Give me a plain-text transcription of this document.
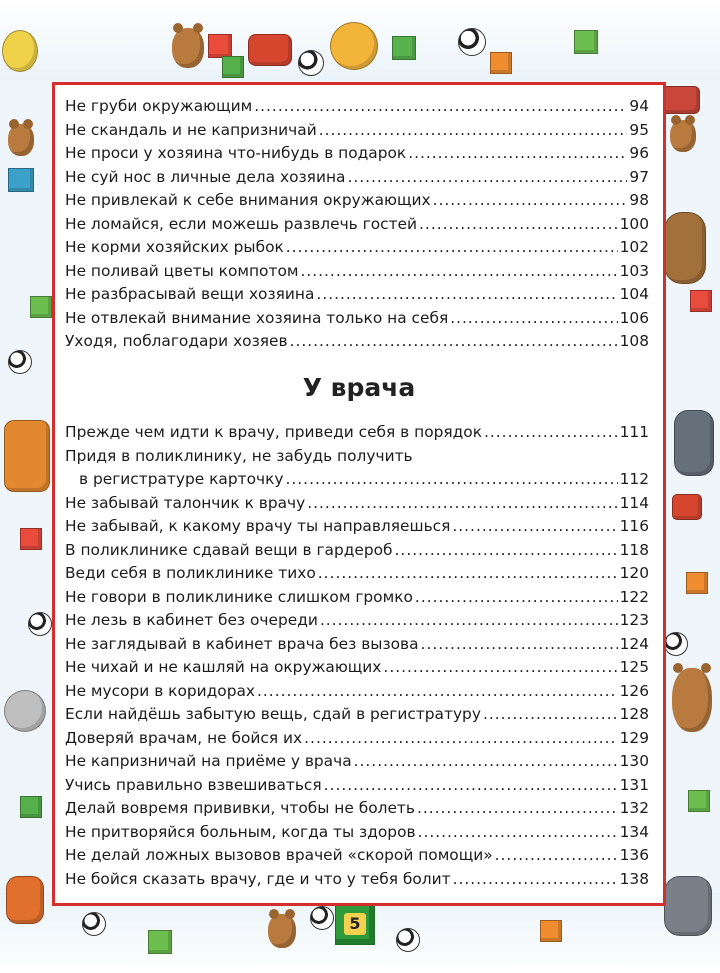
5
Не груби окружающим .....	94
Не скандаль и не капризничай .....	95
Не проси у хозяина что-нибудь в подарок .....	96
Не суй нос в личные дела хозяина .....	97
Не привлекай к себе внимания окружающих .....	98
Не ломайся, если можешь развлечь гостей .....	100
Не корми хозяйских рыбок .....	102
Не поливай цветы компотом .....	103
Не разбрасывай вещи хозяина .....	104
Не отвлекай внимание хозяина только на себя .....	106
Уходя, поблагодари хозяев .....	108
У врача
Прежде чем идти к врачу, приведи себя в порядок .....	111
Придя в поликлинику, не забудь получить
в регистратуре карточку .....	112
Не забывай талончик к врачу .....	114
Не забывай, к какому врачу ты направляешься .....	116
В поликлинике сдавай вещи в гардероб .....	118
Веди себя в поликлинике тихо .....	120
Не говори в поликлинике слишком громко .....	122
Не лезь в кабинет без очереди .....	123
Не заглядывай в кабинет врача без вызова .....	124
Не чихай и не кашляй на окружающих .....	125
Не мусори в коридорах .....	126
Если найдёшь забытую вещь, сдай в регистратуру .....	128
Доверяй врачам, не бойся их .....	129
Не капризничай на приёме у врача .....	130
Учись правильно взвешиваться .....	131
Делай вовремя прививки, чтобы не болеть .....	132
Не притворяйся больным, когда ты здоров .....	134
Не делай ложных вызовов врачей «скорой помощи» .....	136
Не бойся сказать врачу, где и что у тебя болит .....	138
